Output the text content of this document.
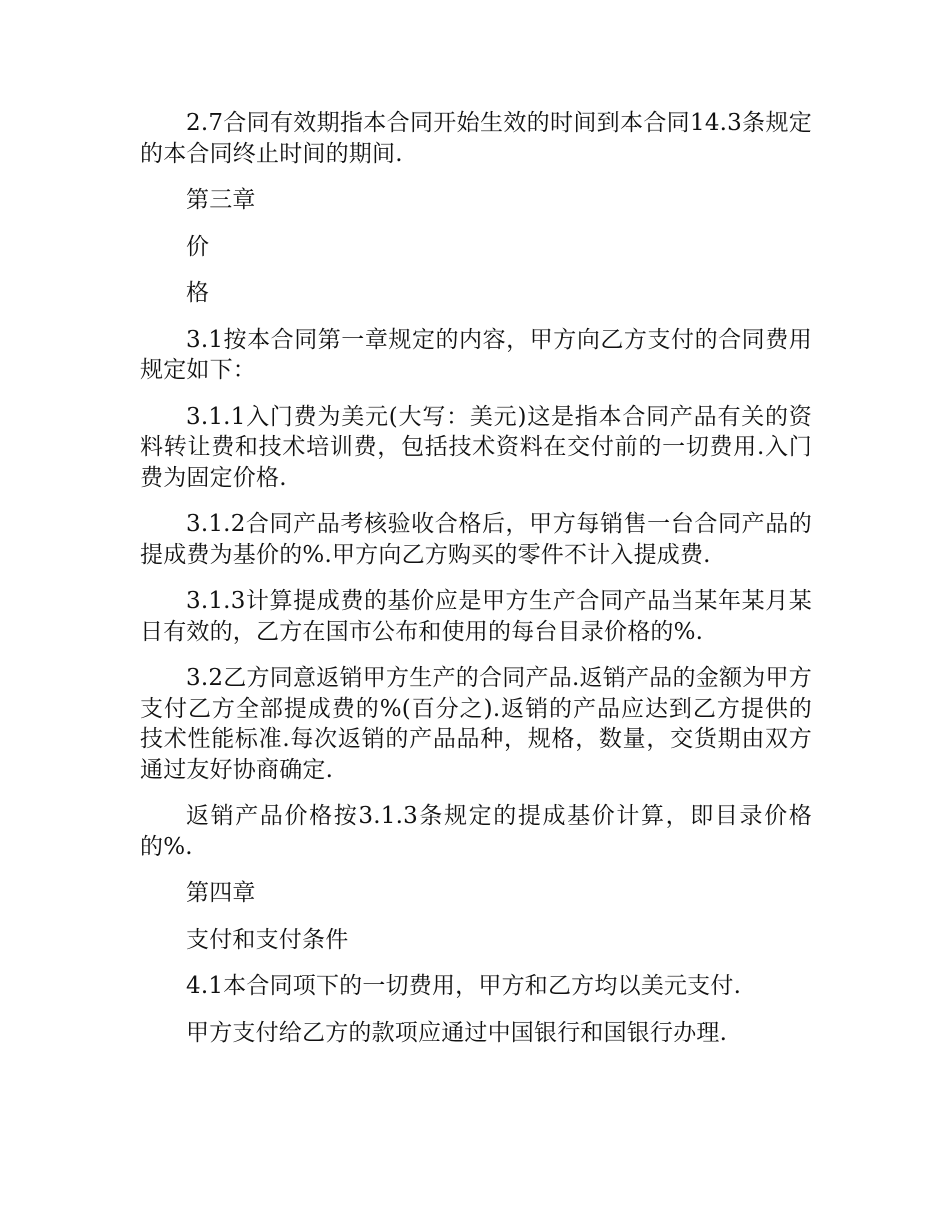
2.7合同有效期指本合同开始生效的时间到本合同14.3条规定的本合同终止时间的期间.

第三章

价

格

3.1按本合同第一章规定的内容，甲方向乙方支付的合同费用规定如下：

3.1.1入门费为美元(大写：美元)这是指本合同产品有关的资料转让费和技术培训费，包括技术资料在交付前的一切费用.入门费为固定价格.

3.1.2合同产品考核验收合格后，甲方每销售一台合同产品的提成费为基价的%.甲方向乙方购买的零件不计入提成费.

3.1.3计算提成费的基价应是甲方生产合同产品当某年某月某日有效的，乙方在国市公布和使用的每台目录价格的%.

3.2乙方同意返销甲方生产的合同产品.返销产品的金额为甲方支付乙方全部提成费的%(百分之).返销的产品应达到乙方提供的技术性能标准.每次返销的产品品种，规格，数量，交货期由双方通过友好协商确定.

返销产品价格按3.1.3条规定的提成基价计算，即目录价格的%.

第四章

支付和支付条件

4.1本合同项下的一切费用，甲方和乙方均以美元支付.

甲方支付给乙方的款项应通过中国银行和国银行办理.
